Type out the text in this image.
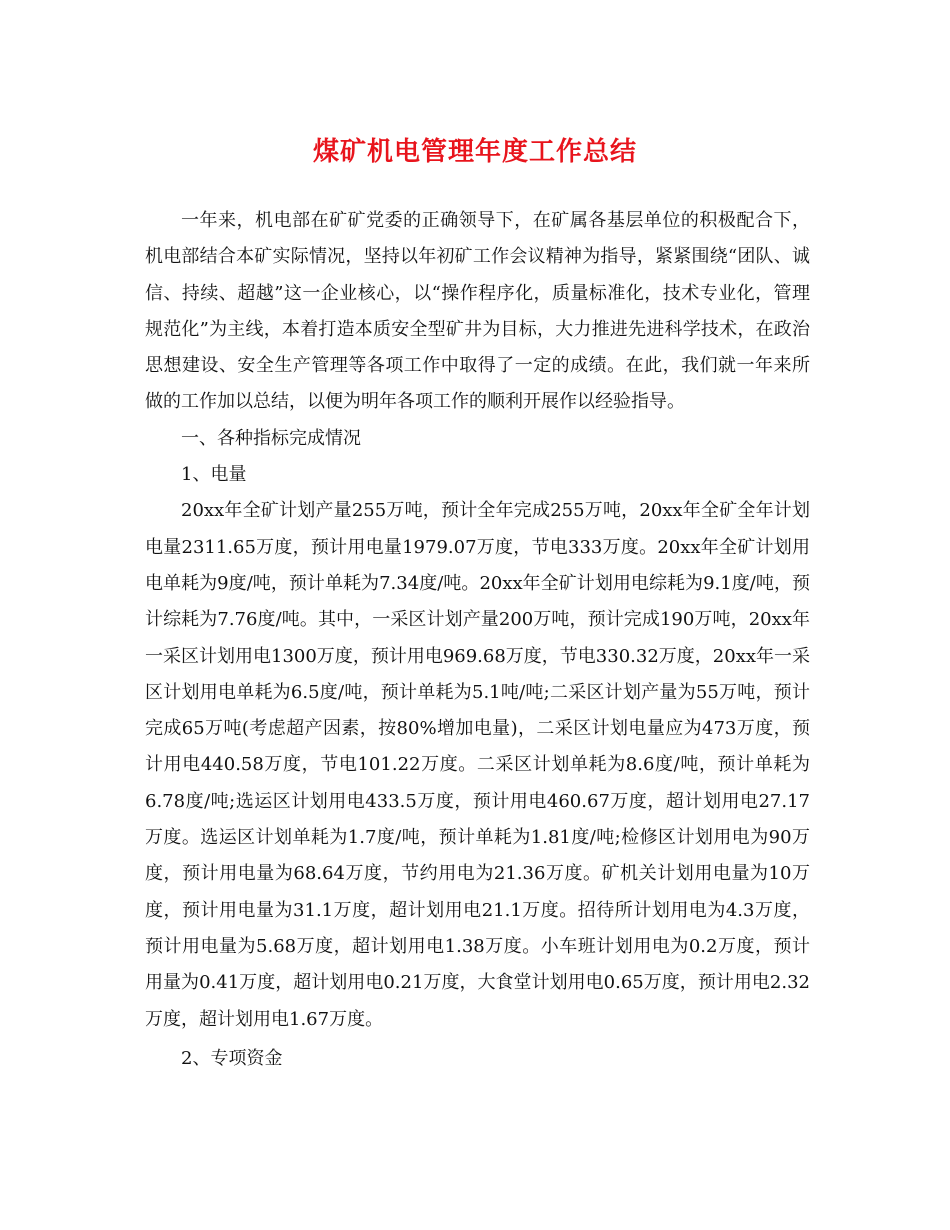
煤矿机电管理年度工作总结

一年来，机电部在矿矿党委的正确领导下，在矿属各基层单位的积极配合下，机电部结合本矿实际情况，坚持以年初矿工作会议精神为指导，紧紧围绕“团队、诚信、持续、超越”这一企业核心，以“操作程序化，质量标准化，技术专业化，管理规范化”为主线，本着打造本质安全型矿井为目标，大力推进先进科学技术，在政治思想建设、安全生产管理等各项工作中取得了一定的成绩。在此，我们就一年来所做的工作加以总结，以便为明年各项工作的顺利开展作以经验指导。

一、各种指标完成情况

1、电量

20xx年全矿计划产量255万吨，预计全年完成255万吨，20xx年全矿全年计划电量2311.65万度，预计用电量1979.07万度，节电333万度。20xx年全矿计划用电单耗为9度/吨，预计单耗为7.34度/吨。20xx年全矿计划用电综耗为9.1度/吨，预计综耗为7.76度/吨。其中，一采区计划产量200万吨，预计完成190万吨，20xx年一采区计划用电1300万度，预计用电969.68万度，节电330.32万度，20xx年一采区计划用电单耗为6.5度/吨，预计单耗为5.1吨/吨;二采区计划产量为55万吨，预计完成65万吨(考虑超产因素，按80%增加电量)，二采区计划电量应为473万度，预计用电440.58万度，节电101.22万度。二采区计划单耗为8.6度/吨，预计单耗为6.78度/吨;选运区计划用电433.5万度，预计用电460.67万度，超计划用电27.17万度。选运区计划单耗为1.7度/吨，预计单耗为1.81度/吨;检修区计划用电为90万度，预计用电量为68.64万度，节约用电为21.36万度。矿机关计划用电量为10万度，预计用电量为31.1万度，超计划用电21.1万度。招待所计划用电为4.3万度，预计用电量为5.68万度，超计划用电1.38万度。小车班计划用电为0.2万度，预计用量为0.41万度，超计划用电0.21万度，大食堂计划用电0.65万度，预计用电2.32万度，超计划用电1.67万度。

2、专项资金
